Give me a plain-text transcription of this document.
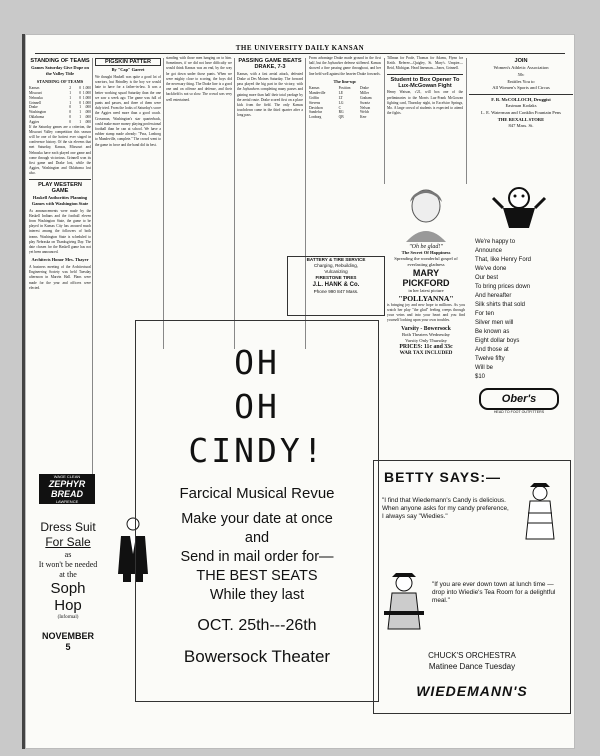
THE UNIVERSITY DAILY KANSAN
STANDING OF TEAMS
Games Saturday Give Dope on the Valley Title
STANDING OF TEAMS
Kansas	2	0	1.000
Missouri	1	0	1.000
Nebraska	1	0	1.000
Grinnell	1	0	1.000
Drake	0	1	.000
Washington	0	1	.000
Oklahoma	0	1	.000
Aggies	0	1	.000

If the Saturday games are a criterion, the Missouri Valley competition this season will be one of the hottest ever staged in conference history. Of the six elevens that met Saturday, Kansas, Missouri and Nebraska have each played one game and come through victorious. Grinnell won its first game and Drake lost, while the Aggies, Washington and Oklahoma lost also.

PLAY WESTERN GAME
Haskell Authorities Planning Games with Washington State

As announcements were made by the Haskell Indians and the football eleven from Washington State, the game to be played in Kansas City has aroused much interest among the followers of both teams. Washington State is scheduled to play Nebraska on Thanksgiving Day. The date chosen for the Haskell game has not yet been announced.

Architects Honor Mrs. Thayer

A business meeting of the Architectural Engineering Society was held Tuesday afternoon in Marvin Hall. Plans were made for the year and officers were elected.

PIGSKIN PATTER
By "Cap" Garret

We thought Haskell was quite a good lot of warriors, but Brindley is the boy we would hate to have for a father-in-law. It was a better working squad Saturday than the one we saw a week ago. The game was full of punts and passes, and three of them were duly tried. From the looks of Saturday's score the Aggies need more than a good coach. Crossman, Washington's star quarterback, could make more money playing professional football than he can at school. We have a rubber stamp made already: "Pass, Lonborg to Mandeville, complete." The crowd went to the game in force and the band did its best.

standing with those men hanging on to him. Sometimes, if we did not have difficulty we would think Kansas was an end, by the way he got down under those punts. When we were mighty close to scoring, the boys did the necessary thing. The Drake line is a good one and on offense and defense, and their backfield is not so slow. The crowd was very well entertained.

PASSING GAME BEATS DRAKE, 7-3

Kansas, with a fast aerial attack, defeated Drake at Des Moines Saturday. The forward pass played the big part in the victory, with the Jayhawkers completing many passes and gaining more than half their total yardage by the aerial route. Drake scored first on a place kick from the field. The only Kansas touchdown came in the third quarter after a long pass.

From advantage Drake made ground in the first half, but the Jayhawker defense stiffened. Kansas showed a fine passing game throughout, and her line held well against the heavier Drake forwards.

The line-up:
Kansas	Position	Drake
Mandeville	LE	Miller
Griffin	LT	Graham
Stevens	LG	Swartz
Davidson	C	Nelson
Sandefur	RG	Welch
Lonborg	QB	Kerr

Tillman for Poole, Thomas for Adams, Flynn for Keith. Referee—Quigley, St. Mary's. Umpire—Reid, Michigan. Head linesman—Jones, Grinnell.

Student to Box Opener To Lux-McGowan Fight

Henry Watson, c'21, will box one of the preliminaries to the Morris Lux-Frank McGowan fighting card, Thursday night, in Excelsior Springs, Mo. A large crowd of students is expected to attend the fights.

JOIN
Women's Athletic Association
50c
Entitles You to
All Women's Sports and Circus
F. R. McCOLLOCH, Druggist
Eastman Kodaks
L. E. Waterman and Conklin Fountain Pens
THE REXALL STORE
847 Mass. St.
BATTERY & TIRE SERVICE
Charging, Rebuilding,
Vulcanizing
FIRESTONE TIRES
J.L. HANK & Co.
Phone 990 847 Mass.
WAGE CLEAN
ZEPHYR
BREAD
LAWRENCE
Dress Suit
For Sale
as
It won't be needed
at the
Soph
Hop
(Informal)
NOVEMBER
5
OH
OH
CINDY!
Farcical Musical Revue
Make your date at once
and
Send in mail order for—
THE BEST SEATS
While they last
OCT. 25th---26th
Bowersock Theater
"Oh be glad!"
The Secret Of Happiness
Spreading the wonderful gospel of everlasting gladness
MARY
PICKFORD
in her latest picture
"POLLYANNA"
is bringing joy and new hope to millions. As you watch her play "the glad" feeling creeps through your veins and into your heart and you find yourself looking upon your own troubles.
Varsity - Bowersock
Both Theaters Wednesday
Varsity Only Thursday
PRICES: 11c and 33c
WAR TAX INCLUDED
We're happy to
Announce
That, like Henry Ford
We've done
Our best
To bring prices down
And hereafter
Silk shirts that sold
For ten
Silver men will
Be known as
Eight dollar boys
And those at
Twelve fifty
Will be
$10
Ober's
HEAD TO FOOT OUTFITTERS
BETTY SAYS:—
"I find that Wiedemann's Candy is delicious. When anyone asks for my candy preference, I always say "Wiedies."
"If you are ever down town at lunch time — drop into Wiedie's Tea Room for a delightful meal."
CHUCK'S ORCHESTRA
Matinee Dance Tuesday
WIEDEMANN'S
